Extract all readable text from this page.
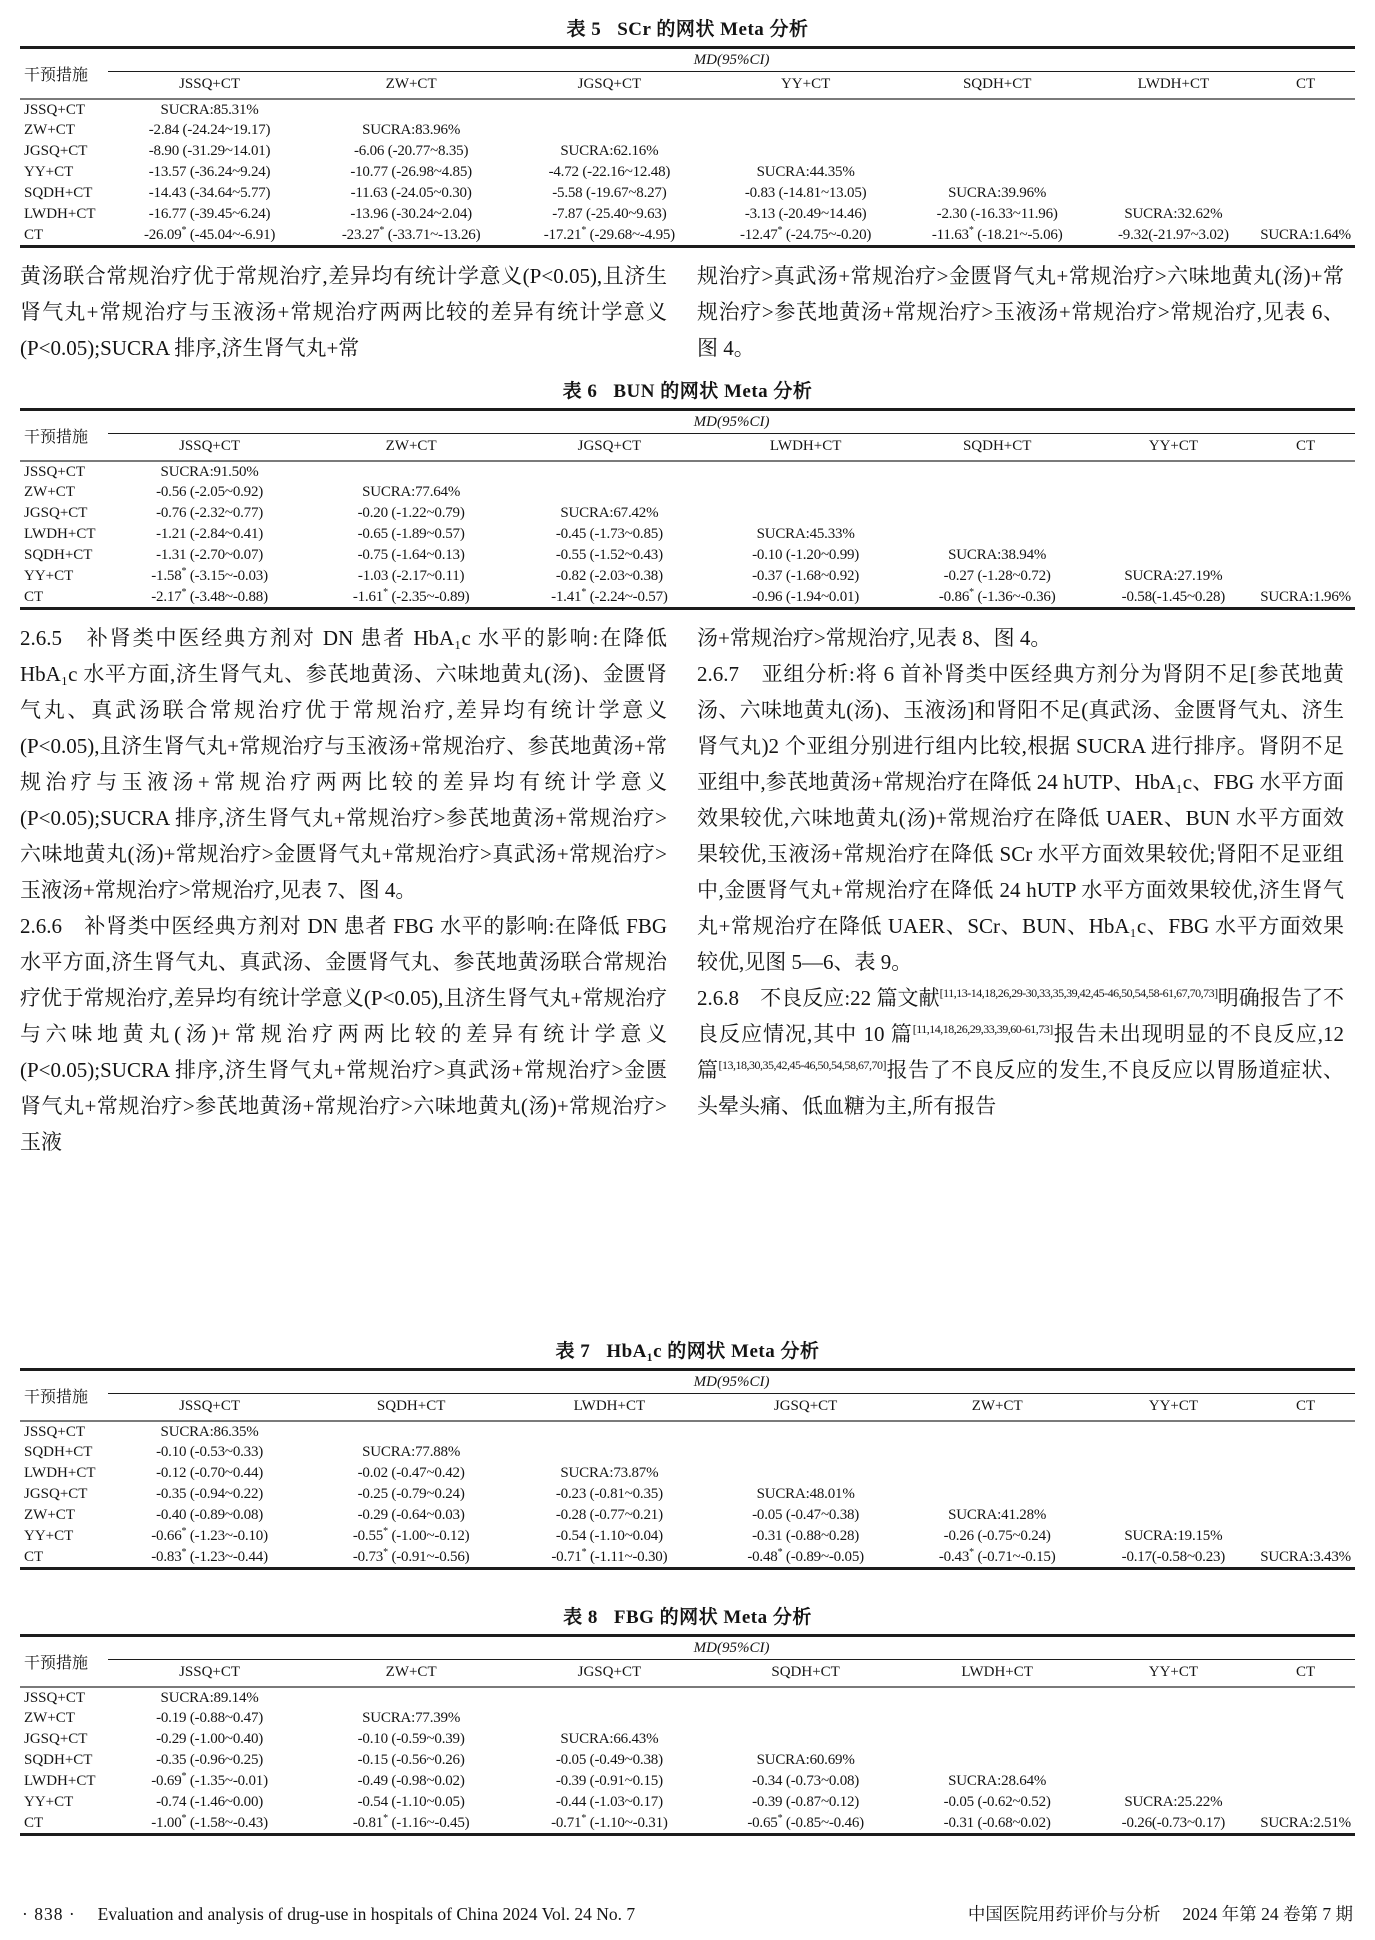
表 5 SCr 的网状 Meta 分析
干预措施	MD(95%CI)						
	JSSQ+CT	ZW+CT	JGSQ+CT	YY+CT	SQDH+CT	LWDH+CT	CT
JSSQ+CT	SUCRA:85.31%						
ZW+CT	-2.84 (-24.24~19.17)	SUCRA:83.96%					
JGSQ+CT	-8.90 (-31.29~14.01)	-6.06 (-20.77~8.35)	SUCRA:62.16%				
YY+CT	-13.57 (-36.24~9.24)	-10.77 (-26.98~4.85)	-4.72 (-22.16~12.48)	SUCRA:44.35%			
SQDH+CT	-14.43 (-34.64~5.77)	-11.63 (-24.05~0.30)	-5.58 (-19.67~8.27)	-0.83 (-14.81~13.05)	SUCRA:39.96%		
LWDH+CT	-16.77 (-39.45~6.24)	-13.96 (-30.24~2.04)	-7.87 (-25.40~9.63)	-3.13 (-20.49~14.46)	-2.30 (-16.33~11.96)	SUCRA:32.62%	
CT	-26.09* (-45.04~-6.91)	-23.27* (-33.71~-13.26)	-17.21* (-29.68~-4.95)	-12.47* (-24.75~-0.20)	-11.63* (-18.21~-5.06)	-9.32(-21.97~3.02)	SUCRA:1.64%

黄汤联合常规治疗优于常规治疗,差异均有统计学意义(P<0.05),且济生肾气丸+常规治疗与玉液汤+常规治疗两两比较的差异有统计学意义(P<0.05);SUCRA 排序,济生肾气丸+常

规治疗>真武汤+常规治疗>金匮肾气丸+常规治疗>六味地黄丸(汤)+常规治疗>参芪地黄汤+常规治疗>玉液汤+常规治疗>常规治疗,见表 6、图 4。

表 6 BUN 的网状 Meta 分析
干预措施	MD(95%CI)						
	JSSQ+CT	ZW+CT	JGSQ+CT	LWDH+CT	SQDH+CT	YY+CT	CT
JSSQ+CT	SUCRA:91.50%						
ZW+CT	-0.56 (-2.05~0.92)	SUCRA:77.64%					
JGSQ+CT	-0.76 (-2.32~0.77)	-0.20 (-1.22~0.79)	SUCRA:67.42%				
LWDH+CT	-1.21 (-2.84~0.41)	-0.65 (-1.89~0.57)	-0.45 (-1.73~0.85)	SUCRA:45.33%			
SQDH+CT	-1.31 (-2.70~0.07)	-0.75 (-1.64~0.13)	-0.55 (-1.52~0.43)	-0.10 (-1.20~0.99)	SUCRA:38.94%		
YY+CT	-1.58* (-3.15~-0.03)	-1.03 (-2.17~0.11)	-0.82 (-2.03~0.38)	-0.37 (-1.68~0.92)	-0.27 (-1.28~0.72)	SUCRA:27.19%	
CT	-2.17* (-3.48~-0.88)	-1.61* (-2.35~-0.89)	-1.41* (-2.24~-0.57)	-0.96 (-1.94~0.01)	-0.86* (-1.36~-0.36)	-0.58(-1.45~0.28)	SUCRA:1.96%

2.6.5　补肾类中医经典方剂对 DN 患者 HbA₁c 水平的影响:在降低 HbA₁c 水平方面,济生肾气丸、参芪地黄汤、六味地黄丸(汤)、金匮肾气丸、真武汤联合常规治疗优于常规治疗,差异均有统计学意义(P<0.05),且济生肾气丸+常规治疗与玉液汤+常规治疗、参芪地黄汤+常规治疗与玉液汤+常规治疗两两比较的差异均有统计学意义(P<0.05);SUCRA 排序,济生肾气丸+常规治疗>参芪地黄汤+常规治疗>六味地黄丸(汤)+常规治疗>金匮肾气丸+常规治疗>真武汤+常规治疗>玉液汤+常规治疗>常规治疗,见表 7、图 4。

2.6.6　补肾类中医经典方剂对 DN 患者 FBG 水平的影响:在降低 FBG 水平方面,济生肾气丸、真武汤、金匮肾气丸、参芪地黄汤联合常规治疗优于常规治疗,差异均有统计学意义(P<0.05),且济生肾气丸+常规治疗与六味地黄丸(汤)+常规治疗两两比较的差异有统计学意义(P<0.05);SUCRA 排序,济生肾气丸+常规治疗>真武汤+常规治疗>金匮肾气丸+常规治疗>参芪地黄汤+常规治疗>六味地黄丸(汤)+常规治疗>玉液

汤+常规治疗>常规治疗,见表 8、图 4。

2.6.7　亚组分析:将 6 首补肾类中医经典方剂分为肾阴不足[参芪地黄汤、六味地黄丸(汤)、玉液汤]和肾阳不足(真武汤、金匮肾气丸、济生肾气丸)2 个亚组分别进行组内比较,根据 SUCRA 进行排序。肾阴不足亚组中,参芪地黄汤+常规治疗在降低 24 hUTP、HbA₁c、FBG 水平方面效果较优,六味地黄丸(汤)+常规治疗在降低 UAER、BUN 水平方面效果较优,玉液汤+常规治疗在降低 SCr 水平方面效果较优;肾阳不足亚组中,金匮肾气丸+常规治疗在降低 24 hUTP 水平方面效果较优,济生肾气丸+常规治疗在降低 UAER、SCr、BUN、HbA₁c、FBG 水平方面效果较优,见图 5—6、表 9。

2.6.8　不良反应:22 篇文献[11,13-14,18,26,29-30,33,35,39,42,45-46,50,54,58-61,67,70,73]明确报告了不良反应情况,其中 10 篇[11,14,18,26,29,33,39,60-61,73]报告未出现明显的不良反应,12 篇[13,18,30,35,42,45-46,50,54,58,67,70]报告了不良反应的发生,不良反应以胃肠道症状、头晕头痛、低血糖为主,所有报告

表 7 HbA₁c 的网状 Meta 分析
干预措施	MD(95%CI)						
	JSSQ+CT	SQDH+CT	LWDH+CT	JGSQ+CT	ZW+CT	YY+CT	CT
JSSQ+CT	SUCRA:86.35%						
SQDH+CT	-0.10 (-0.53~0.33)	SUCRA:77.88%					
LWDH+CT	-0.12 (-0.70~0.44)	-0.02 (-0.47~0.42)	SUCRA:73.87%				
JGSQ+CT	-0.35 (-0.94~0.22)	-0.25 (-0.79~0.24)	-0.23 (-0.81~0.35)	SUCRA:48.01%			
ZW+CT	-0.40 (-0.89~0.08)	-0.29 (-0.64~0.03)	-0.28 (-0.77~0.21)	-0.05 (-0.47~0.38)	SUCRA:41.28%		
YY+CT	-0.66* (-1.23~-0.10)	-0.55* (-1.00~-0.12)	-0.54 (-1.10~0.04)	-0.31 (-0.88~0.28)	-0.26 (-0.75~0.24)	SUCRA:19.15%	
CT	-0.83* (-1.23~-0.44)	-0.73* (-0.91~-0.56)	-0.71* (-1.11~-0.30)	-0.48* (-0.89~-0.05)	-0.43* (-0.71~-0.15)	-0.17(-0.58~0.23)	SUCRA:3.43%
表 8 FBG 的网状 Meta 分析
干预措施	MD(95%CI)						
	JSSQ+CT	ZW+CT	JGSQ+CT	SQDH+CT	LWDH+CT	YY+CT	CT
JSSQ+CT	SUCRA:89.14%						
ZW+CT	-0.19 (-0.88~0.47)	SUCRA:77.39%					
JGSQ+CT	-0.29 (-1.00~0.40)	-0.10 (-0.59~0.39)	SUCRA:66.43%				
SQDH+CT	-0.35 (-0.96~0.25)	-0.15 (-0.56~0.26)	-0.05 (-0.49~0.38)	SUCRA:60.69%			
LWDH+CT	-0.69* (-1.35~-0.01)	-0.49 (-0.98~0.02)	-0.39 (-0.91~0.15)	-0.34 (-0.73~0.08)	SUCRA:28.64%		
YY+CT	-0.74 (-1.46~0.00)	-0.54 (-1.10~0.05)	-0.44 (-1.03~0.17)	-0.39 (-0.87~0.12)	-0.05 (-0.62~0.52)	SUCRA:25.22%	
CT	-1.00* (-1.58~-0.43)	-0.81* (-1.16~-0.45)	-0.71* (-1.10~-0.31)	-0.65* (-0.85~-0.46)	-0.31 (-0.68~0.02)	-0.26(-0.73~0.17)	SUCRA:2.51%
· 838 · Evaluation and analysis of drug-use in hospitals of China 2024 Vol. 24 No. 7	中国医院用药评价与分析 2024 年第 24 卷第 7 期
